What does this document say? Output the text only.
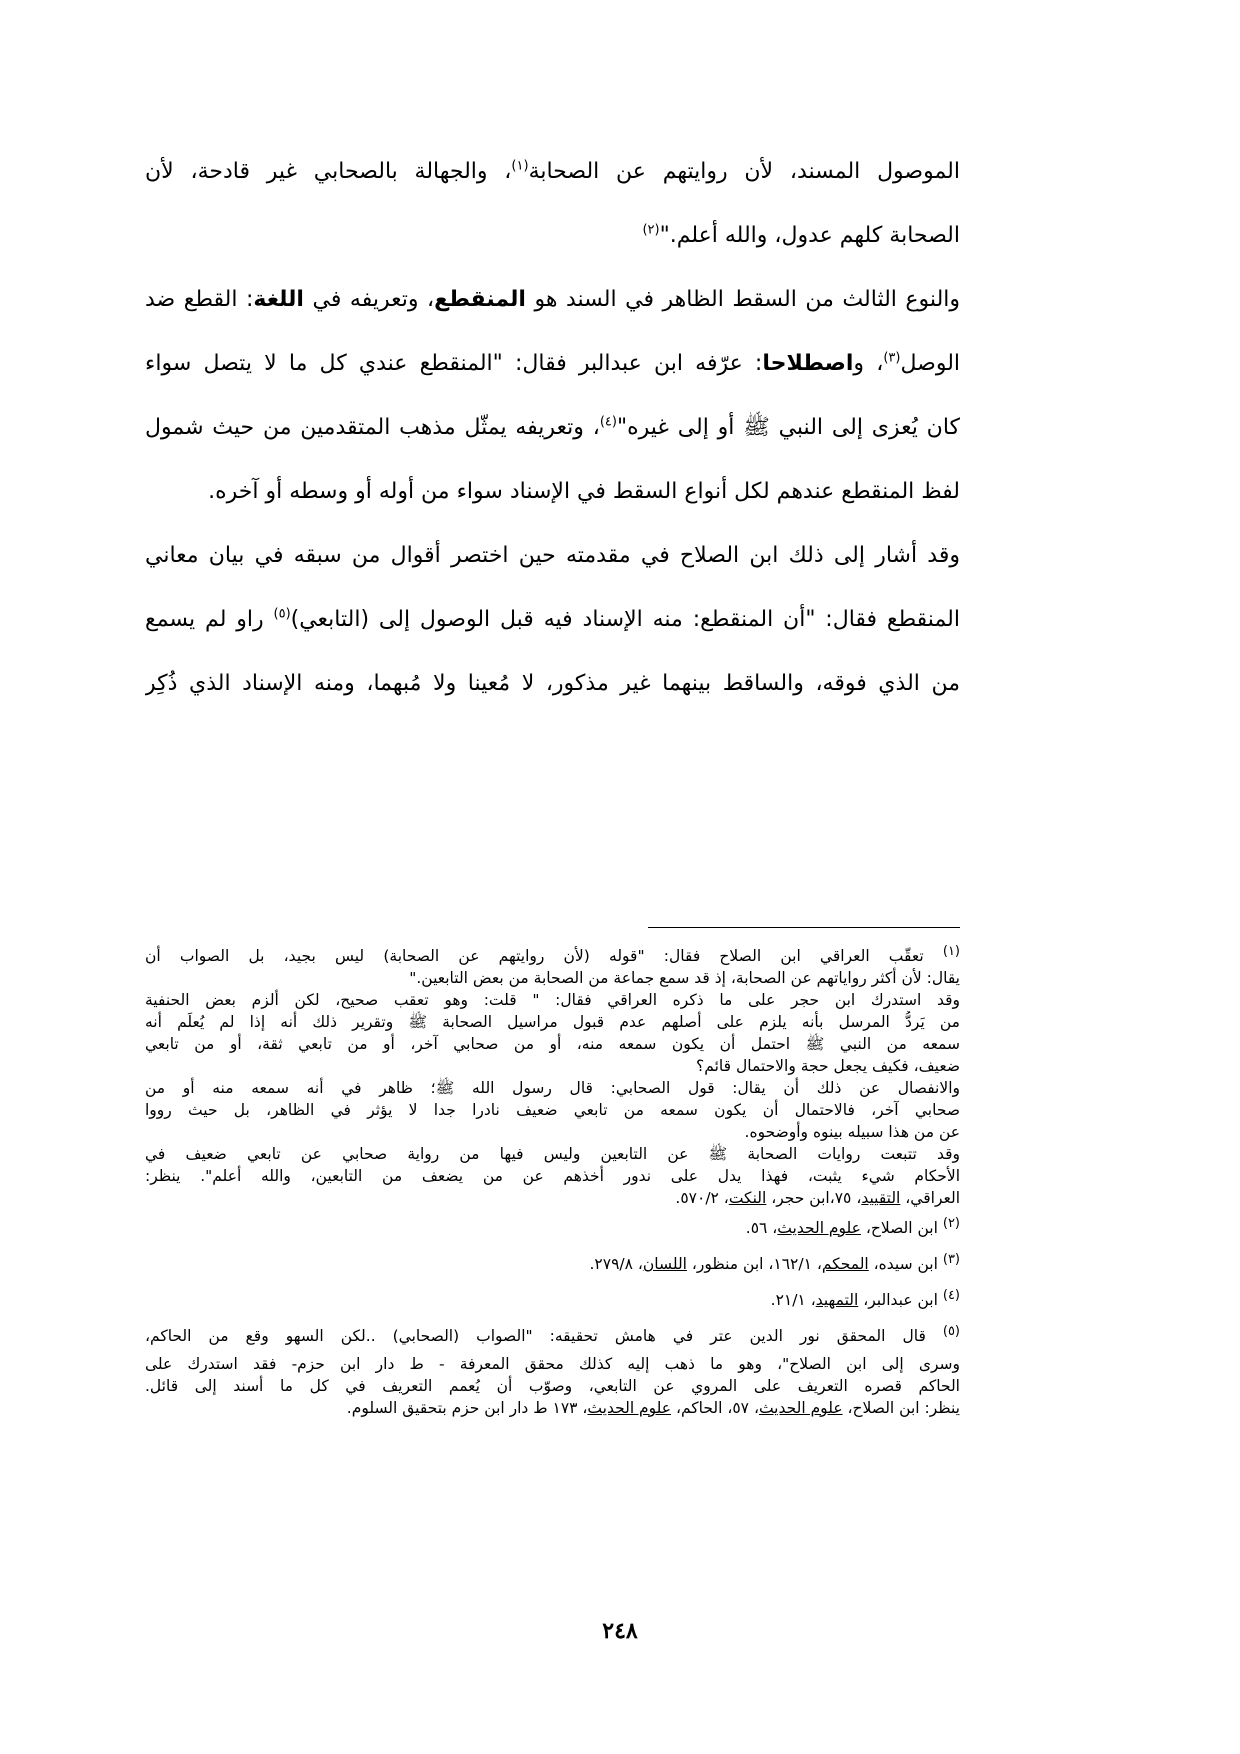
الموصول المسند، لأن روايتهم عن الصحابة$^{(١)}$، والجهالة بالصحابي غير قادحة، لأن
الصحابة كلهم عدول، والله أعلم."$^{(٢)}$
والنوع الثالث من السقط الظاهر في السند هو المنقطع، وتعريفه في اللغة: القطع ضد
الوصل$^{(٣)}$، واصطلاحا: عرّفه ابن عبدالبر فقال: "المنقطع عندي كل ما لا يتصل سواء
كان يُعزى إلى النبي ﷺ أو إلى غيره"$^{(٤)}$، وتعريفه يمثّل مذهب المتقدمين من حيث شمول
لفظ المنقطع عندهم لكل أنواع السقط في الإسناد سواء من أوله أو وسطه أو آخره.
وقد أشار إلى ذلك ابن الصلاح في مقدمته حين اختصر أقوال من سبقه في بيان معاني
المنقطع فقال: "أن المنقطع: منه الإسناد فيه قبل الوصول إلى (التابعي)$^{(٥)}$ راو لم يسمع
من الذي فوقه، والساقط بينهما غير مذكور، لا مُعينا ولا مُبهما، ومنه الإسناد الذي ذُكِر
$^{(١)}$ تعقّب العراقي ابن الصلاح فقال: "قوله (لأن روايتهم عن الصحابة) ليس بجيد، بل الصواب أن
يقال: لأن أكثر رواياتهم عن الصحابة، إذ قد سمع جماعة من الصحابة من بعض التابعين."
وقد استدرك ابن حجر على ما ذكره العراقي فقال: " قلت: وهو تعقب صحيح، لكن ألزم بعض الحنفية
من يَردُّ المرسل بأنه يلزم على أصلهم عدم قبول مراسيل الصحابة ﷺ وتقرير ذلك أنه إذا لم يُعلَم أنه
سمعه من النبي ﷺ احتمل أن يكون سمعه منه، أو من صحابي آخر، أو من تابعي ثقة، أو من تابعي
ضعيف، فكيف يجعل حجة والاحتمال قائم؟
والانفصال عن ذلك أن يقال: قول الصحابي: قال رسول الله ﷺ؛ ظاهر في أنه سمعه منه أو من
صحابي آخر، فالاحتمال أن يكون سمعه من تابعي ضعيف نادرا جدا لا يؤثر في الظاهر، بل حيث رووا
عن من هذا سبيله بينوه وأوضحوه.
وقد تتبعت روايات الصحابة ﷺ عن التابعين وليس فيها من رواية صحابي عن تابعي ضعيف في
الأحكام شيء يثبت، فهذا يدل على ندور أخذهم عن من يضعف من التابعين، والله أعلم". ينظر:
العراقي، التقييد، ٧٥،ابن حجر، النكت، ٥٧٠/٢.
$^{(٢)}$ ابن الصلاح، علوم الحديث، ٥٦.
$^{(٣)}$ ابن سيده، المحكم، ١٦٢/١، ابن منظور، اللسان، ٢٧٩/٨.
$^{(٤)}$ ابن عبدالبر، التمهيد، ٢١/١.
$^{(٥)}$ قال المحقق نور الدين عتر في هامش تحقيقه: "الصواب (الصحابي) ..لكن السهو وقع من الحاكم،
وسرى إلى ابن الصلاح"، وهو ما ذهب إليه كذلك محقق المعرفة - ط دار ابن حزم- فقد استدرك على
الحاكم قصره التعريف على المروي عن التابعي، وصوّب أن يُعمم التعريف في كل ما أُسند إلى قائل.
ينظر: ابن الصلاح، علوم الحديث، ٥٧، الحاكم، علوم الحديث، ١٧٣ ط دار ابن حزم بتحقيق السلوم.
٢٤٨
